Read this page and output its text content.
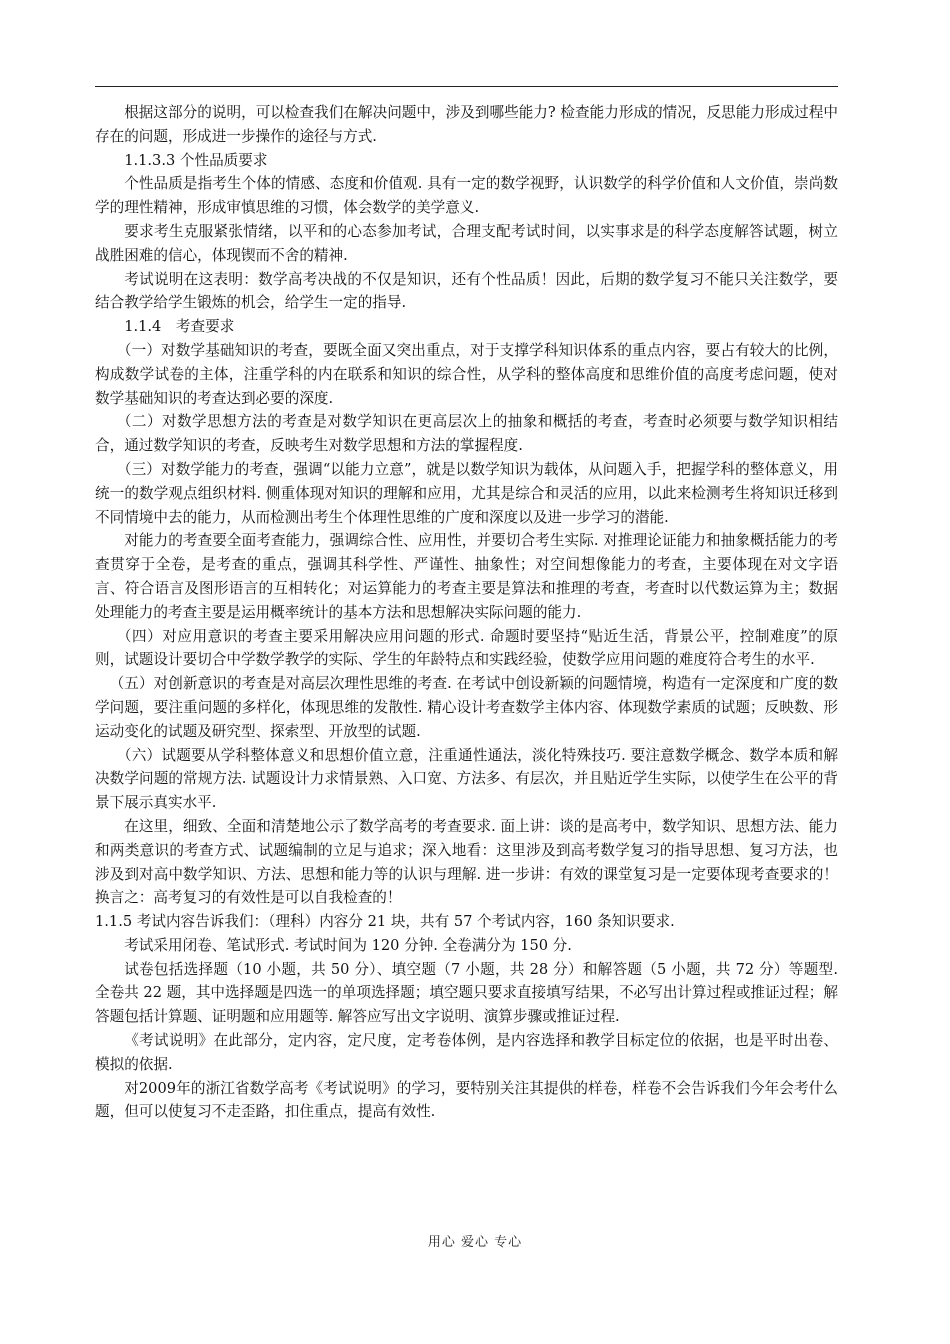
根据这部分的说明，可以检查我们在解决问题中，涉及到哪些能力? 检查能力形成的情况，反思能力形成过程中存在的问题，形成进一步操作的途径与方式.

1.1.3.3 个性品质要求

个性品质是指考生个体的情感、态度和价值观. 具有一定的数学视野，认识数学的科学价值和人文价值，崇尚数学的理性精神，形成审慎思维的习惯，体会数学的美学意义.

要求考生克服紧张情绪，以平和的心态参加考试，合理支配考试时间，以实事求是的科学态度解答试题，树立战胜困难的信心，体现锲而不舍的精神.

考试说明在这表明：数学高考决战的不仅是知识，还有个性品质！因此，后期的数学复习不能只关注数学，要结合教学给学生锻炼的机会，给学生一定的指导.

1.1.4　考查要求

（一）对数学基础知识的考查，要既全面又突出重点，对于支撑学科知识体系的重点内容，要占有较大的比例，构成数学试卷的主体，注重学科的内在联系和知识的综合性，从学科的整体高度和思维价值的高度考虑问题，使对数学基础知识的考查达到必要的深度.

（二）对数学思想方法的考查是对数学知识在更高层次上的抽象和概括的考查，考查时必须要与数学知识相结合，通过数学知识的考查，反映考生对数学思想和方法的掌握程度.

（三）对数学能力的考查，强调“以能力立意”，就是以数学知识为载体，从问题入手，把握学科的整体意义，用统一的数学观点组织材料. 侧重体现对知识的理解和应用，尤其是综合和灵活的应用，以此来检测考生将知识迁移到不同情境中去的能力，从而检测出考生个体理性思维的广度和深度以及进一步学习的潜能.

对能力的考查要全面考查能力，强调综合性、应用性，并要切合考生实际. 对推理论证能力和抽象概括能力的考查贯穿于全卷，是考查的重点，强调其科学性、严谨性、抽象性；对空间想像能力的考查，主要体现在对文字语言、符合语言及图形语言的互相转化；对运算能力的考查主要是算法和推理的考查，考查时以代数运算为主；数据处理能力的考查主要是运用概率统计的基本方法和思想解决实际问题的能力.

（四）对应用意识的考查主要采用解决应用问题的形式. 命题时要坚持“贴近生活，背景公平，控制难度”的原则，试题设计要切合中学数学教学的实际、学生的年龄特点和实践经验，使数学应用问题的难度符合考生的水平.

（五）对创新意识的考查是对高层次理性思维的考查. 在考试中创设新颖的问题情境，构造有一定深度和广度的数学问题，要注重问题的多样化，体现思维的发散性. 精心设计考查数学主体内容、体现数学素质的试题；反映数、形运动变化的试题及研究型、探索型、开放型的试题.

（六）试题要从学科整体意义和思想价值立意，注重通性通法，淡化特殊技巧. 要注意数学概念、数学本质和解决数学问题的常规方法. 试题设计力求情景熟、入口宽、方法多、有层次，并且贴近学生实际，以使学生在公平的背景下展示真实水平.

在这里，细致、全面和清楚地公示了数学高考的考查要求. 面上讲：谈的是高考中，数学知识、思想方法、能力和两类意识的考查方式、试题编制的立足与追求；深入地看：这里涉及到高考数学复习的指导思想、复习方法，也涉及到对高中数学知识、方法、思想和能力等的认识与理解. 进一步讲：有效的课堂复习是一定要体现考查要求的！换言之：高考复习的有效性是可以自我检查的！

1.1.5 考试内容告诉我们：（理科）内容分 21 块，共有 57 个考试内容，160 条知识要求.

考试采用闭卷、笔试形式. 考试时间为 120 分钟. 全卷满分为 150 分.

试卷包括选择题（10 小题，共 50 分）、填空题（7 小题，共 28 分）和解答题（5 小题，共 72 分）等题型. 全卷共 22 题，其中选择题是四选一的单项选择题；填空题只要求直接填写结果，不必写出计算过程或推证过程；解答题包括计算题、证明题和应用题等. 解答应写出文字说明、演算步骤或推证过程.

《考试说明》在此部分，定内容，定尺度，定考卷体例，是内容选择和教学目标定位的依据，也是平时出卷、模拟的依据.

对2009年的浙江省数学高考《考试说明》的学习，要特别关注其提供的样卷，样卷不会告诉我们今年会考什么题，但可以使复习不走歪路，扣住重点，提高有效性.

用心 爱心 专心
